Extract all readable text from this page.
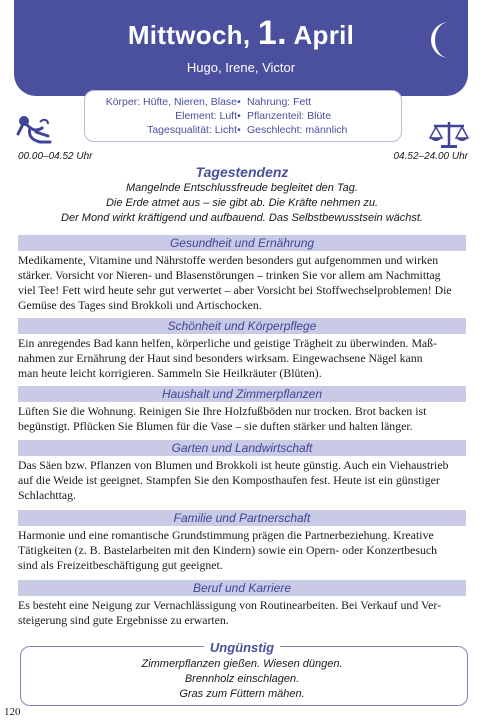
Mittwoch, 1. April
Hugo, Irene, Victor
Körper: Hüfte, Nieren, Blase • Nahrung: Fett
Element: Luft • Pflanzenteil: Blüte
Tagesqualität: Licht • Geschlecht: männlich
00.00–04.52 Uhr	04.52–24.00 Uhr
Tagestendenz
Mangelnde Entschlussfreude begleitet den Tag.
Die Erde atmet aus – sie gibt ab. Die Kräfte nehmen zu.
Der Mond wirkt kräftigend und aufbauend. Das Selbstbewusstsein wächst.
Gesundheit und Ernährung

Medikamente, Vitamine und Nährstoffe werden besonders gut aufgenommen und wirken

stärker. Vorsicht vor Nieren- und Blasenstörungen – trinken Sie vor allem am Nachmittag

viel Tee! Fett wird heute sehr gut verwertet – aber Vorsicht bei Stoffwechselproblemen! Die

Gemüse des Tages sind Brokkoli und Artischocken.

Schönheit und Körperpflege

Ein anregendes Bad kann helfen, körperliche und geistige Trägheit zu überwinden. Maß-

nahmen zur Ernährung der Haut sind besonders wirksam. Eingewachsene Nägel kann

man heute leicht korrigieren. Sammeln Sie Heilkräuter (Blüten).

Haushalt und Zimmerpflanzen

Lüften Sie die Wohnung. Reinigen Sie Ihre Holzfußböden nur trocken. Brot backen ist

begünstigt. Pflücken Sie Blumen für die Vase – sie duften stärker und halten länger.

Garten und Landwirtschaft

Das Säen bzw. Pflanzen von Blumen und Brokkoli ist heute günstig. Auch ein Viehaustrieb

auf die Weide ist geeignet. Stampfen Sie den Komposthaufen fest. Heute ist ein günstiger

Schlachttag.

Familie und Partnerschaft

Harmonie und eine romantische Grundstimmung prägen die Partnerbeziehung. Kreative

Tätigkeiten (z. B. Bastelarbeiten mit den Kindern) sowie ein Opern- oder Konzertbesuch

sind als Freizeitbeschäftigung gut geeignet.

Beruf und Karriere

Es besteht eine Neigung zur Vernachlässigung von Routinearbeiten. Bei Verkauf und Ver-

steigerung sind gute Ergebnisse zu erwarten.

Ungünstig
Zimmerpflanzen gießen. Wiesen düngen.
Brennholz einschlagen.
Gras zum Füttern mähen.
120
